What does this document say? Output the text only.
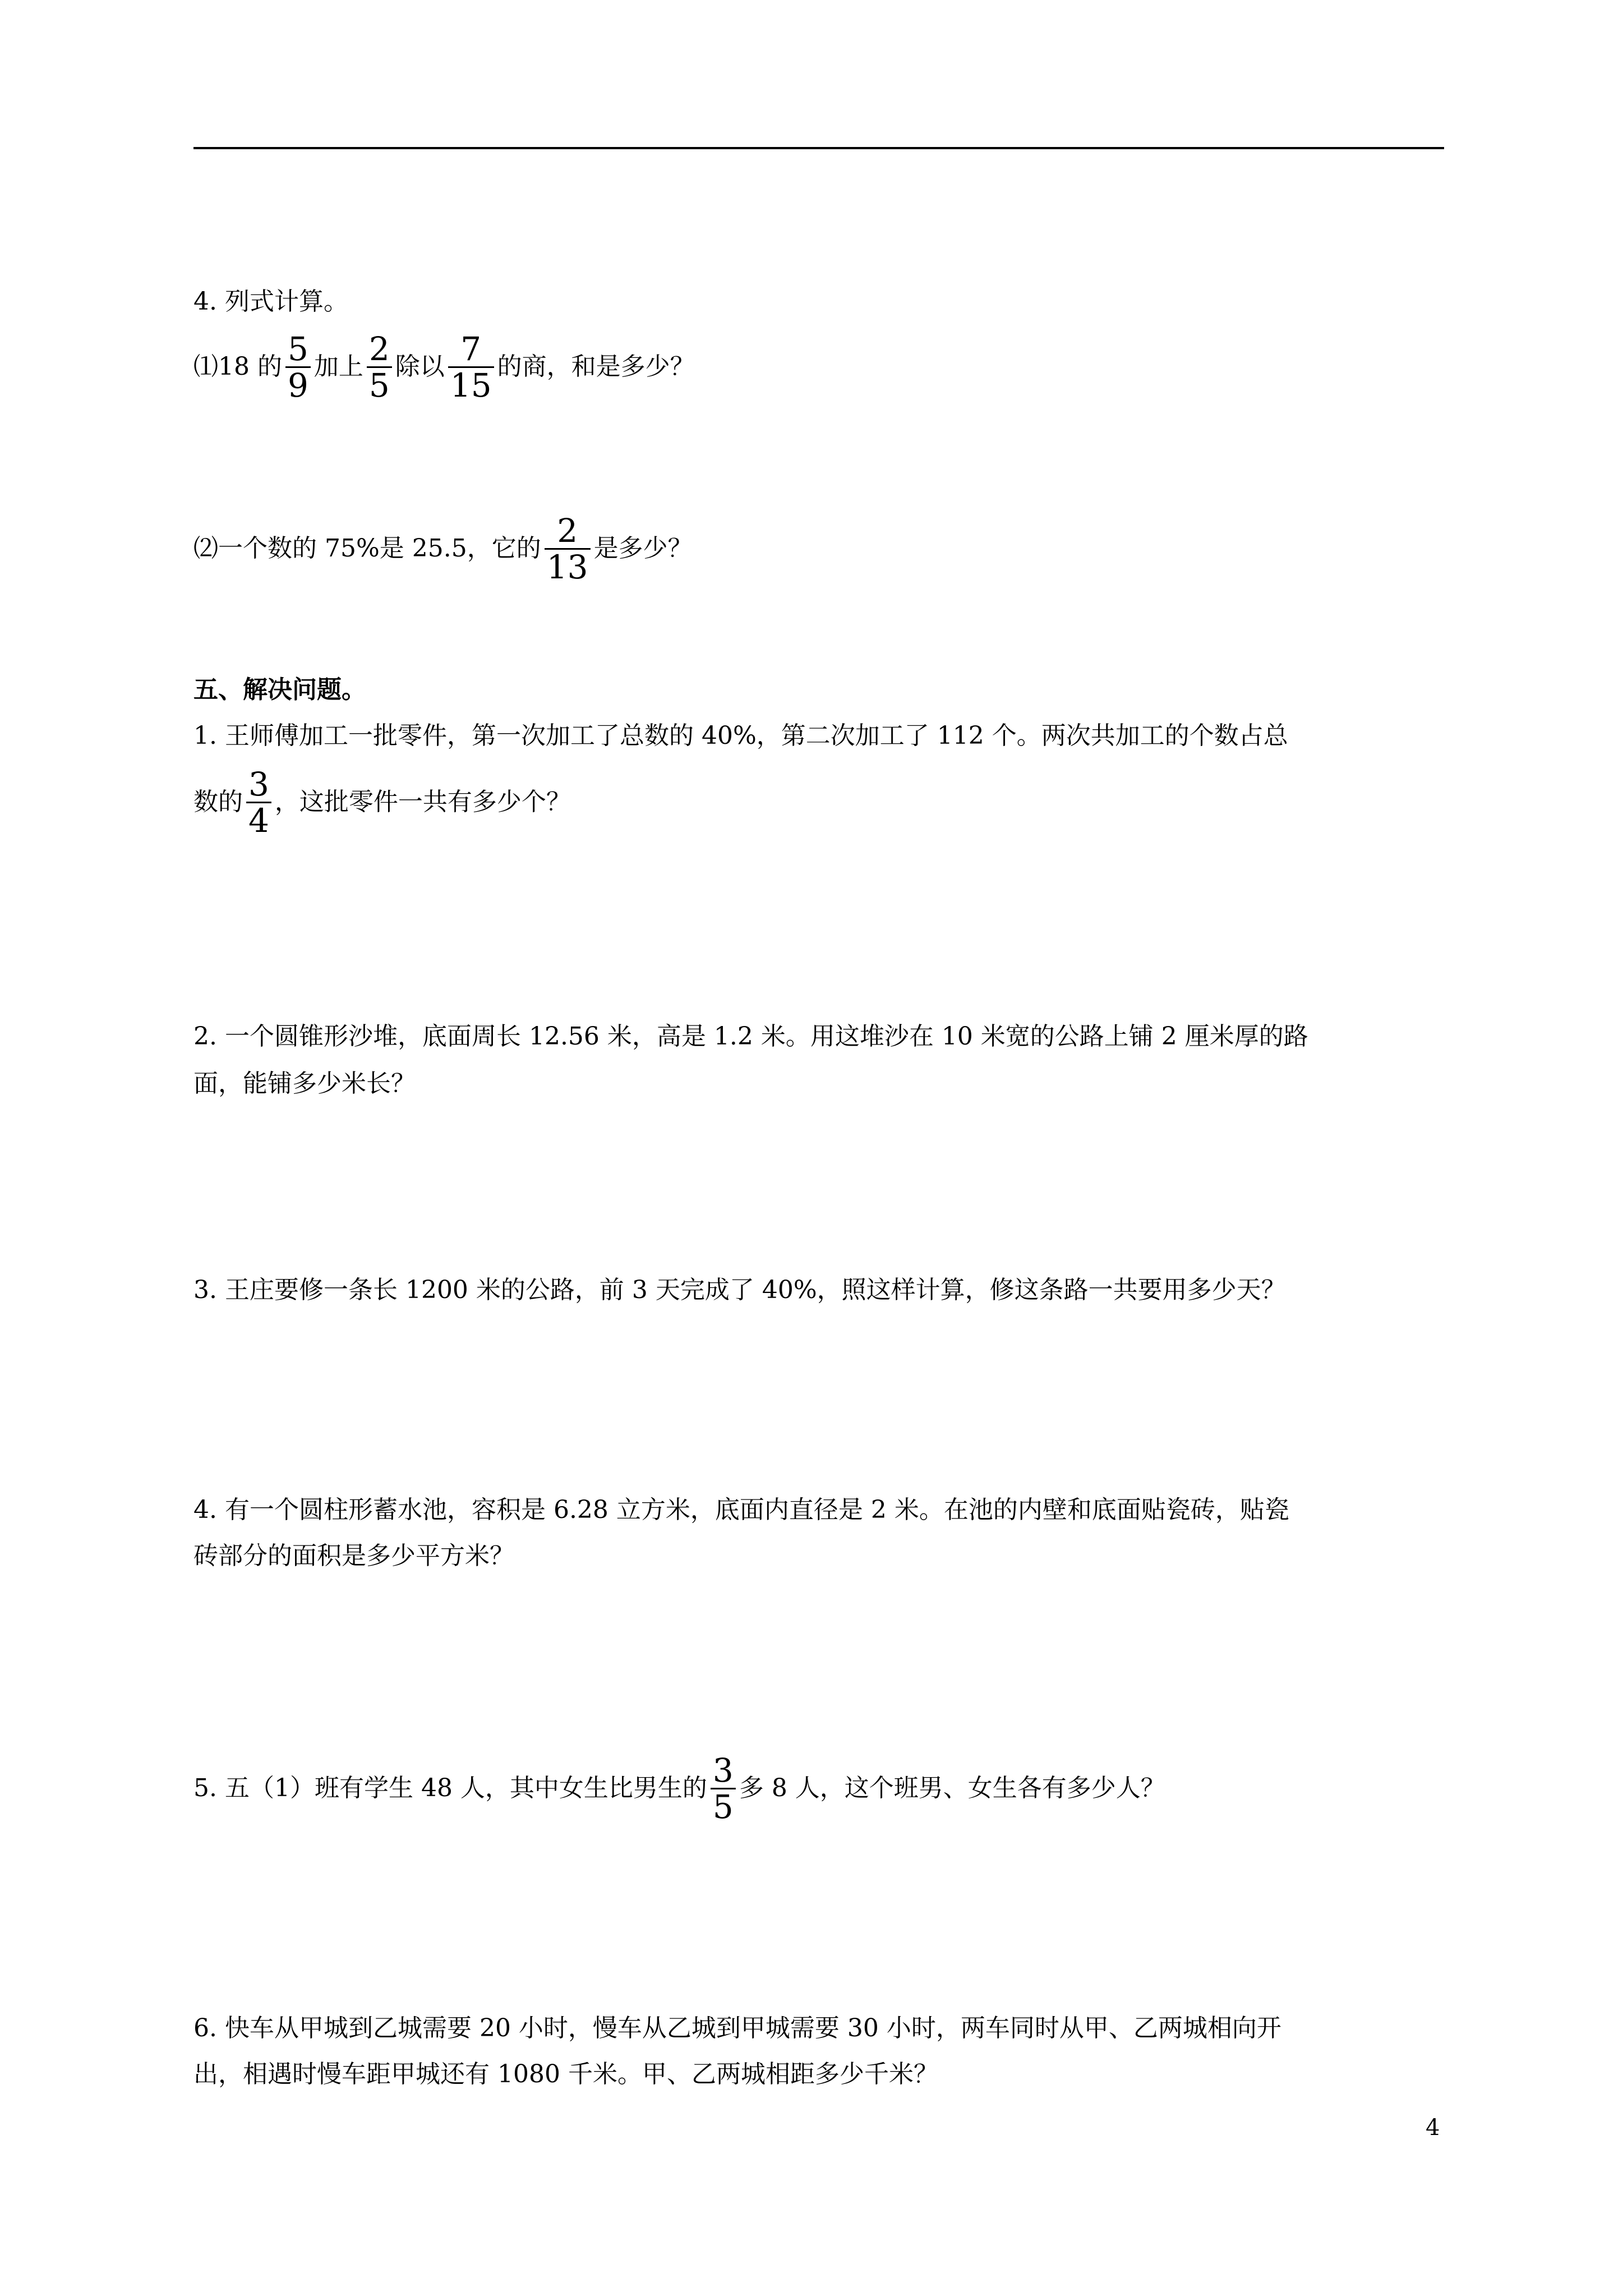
4. 列式计算。
⑴18 的 $\frac{5}{9}$ 加上 $\frac{2}{5}$ 除以 $\frac{7}{15}$ 的商，和是多少？
⑵一个数的 75%是 25.5，它的 $\frac{2}{13}$ 是多少？
五、解决问题。
1. 王师傅加工一批零件，第一次加工了总数的 40%，第二次加工了 112 个。两次共加工的个数占总
数的 $\frac{3}{4}$ ，这批零件一共有多少个？
2. 一个圆锥形沙堆，底面周长 12.56 米，高是 1.2 米。用这堆沙在 10 米宽的公路上铺 2 厘米厚的路
面，能铺多少米长？
3. 王庄要修一条长 1200 米的公路，前 3 天完成了 40%，照这样计算，修这条路一共要用多少天？
4. 有一个圆柱形蓄水池，容积是 6.28 立方米，底面内直径是 2 米。在池的内壁和底面贴瓷砖，贴瓷
砖部分的面积是多少平方米？
5. 五（1）班有学生 48 人，其中女生比男生的 $\frac{3}{5}$ 多 8 人，这个班男、女生各有多少人？
6. 快车从甲城到乙城需要 20 小时，慢车从乙城到甲城需要 30 小时，两车同时从甲、乙两城相向开
出，相遇时慢车距甲城还有 1080 千米。甲、乙两城相距多少千米？
4
